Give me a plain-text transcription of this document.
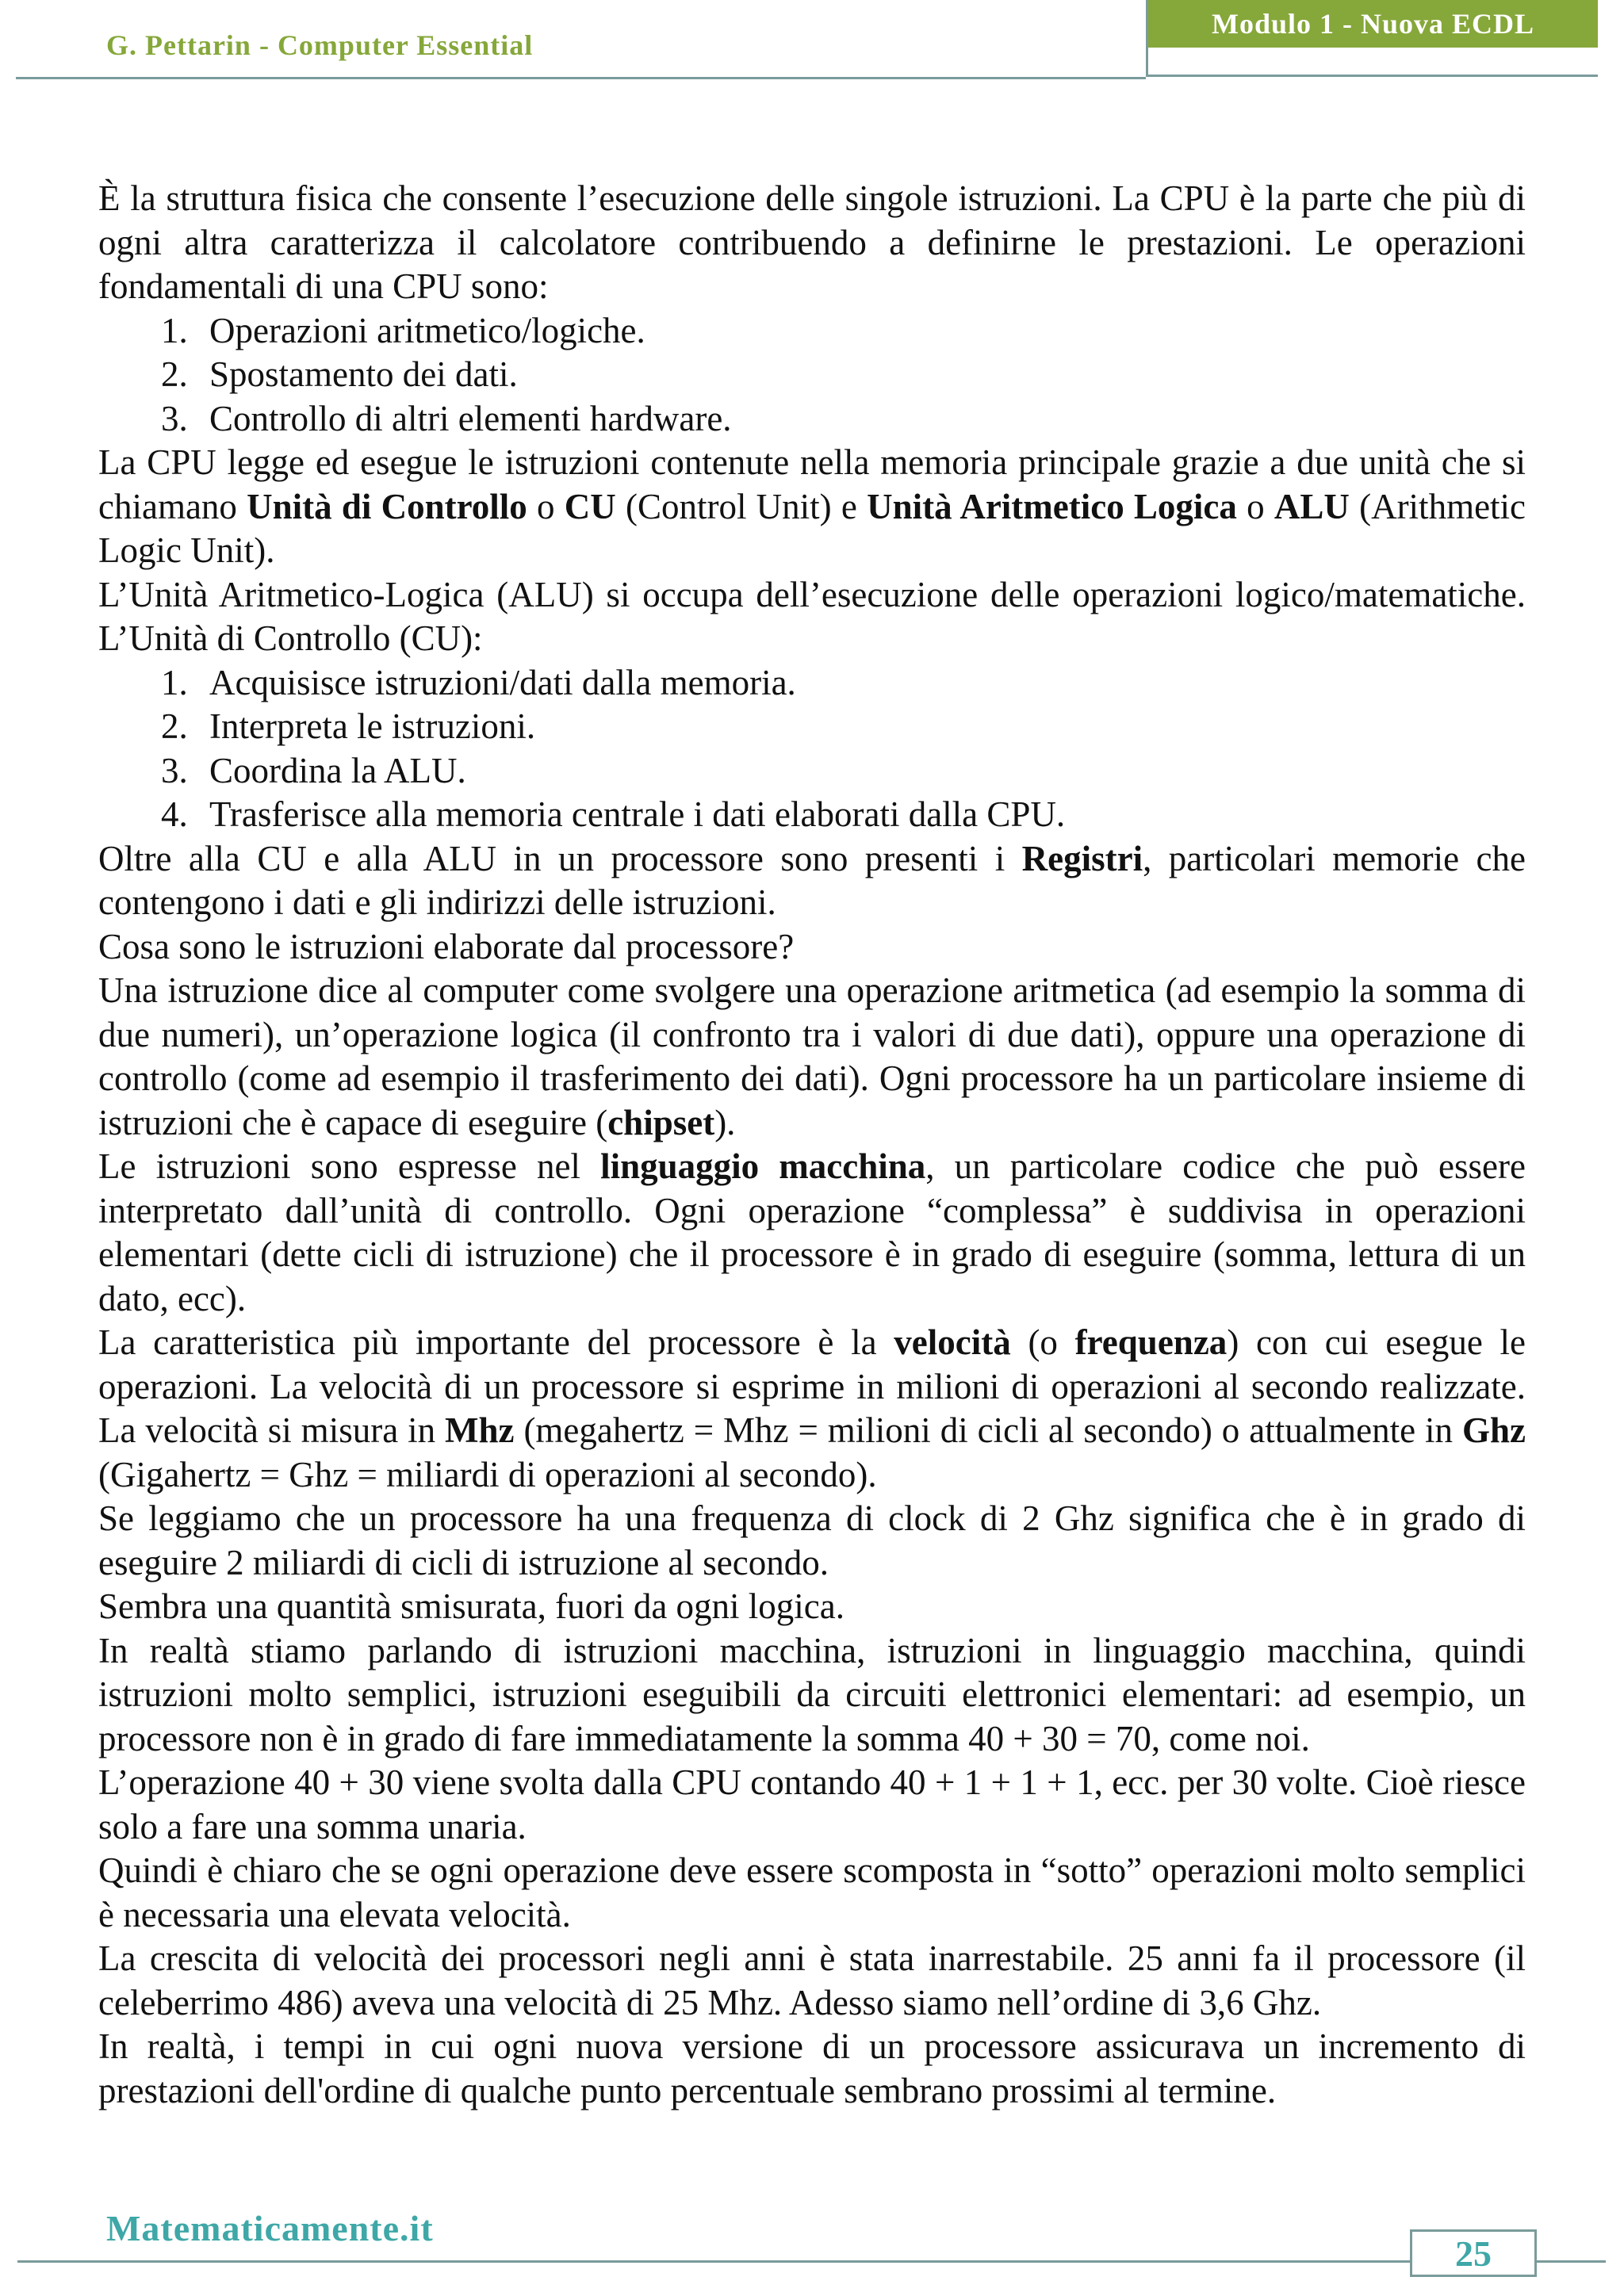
G. Pettarin - Computer Essential
Modulo 1 - Nuova ECDL

È la struttura fisica che consente l’esecuzione delle singole istruzioni. La CPU è la parte che più di ogni altra caratterizza il calcolatore contribuendo a definirne le prestazioni. Le operazioni fondamentali di una CPU sono:

1. Operazioni aritmetico/logiche.
2. Spostamento dei dati.
3. Controllo di altri elementi hardware.

La CPU legge ed esegue le istruzioni contenute nella memoria principale grazie a due unità che si chiamano Unità di Controllo o CU (Control Unit) e Unità Aritmetico Logica o ALU (Arithmetic Logic Unit).

L’Unità Aritmetico-Logica (ALU) si occupa dell’esecuzione delle operazioni logico/matematiche. L’Unità di Controllo (CU):

1. Acquisisce istruzioni/dati dalla memoria.
2. Interpreta le istruzioni.
3. Coordina la ALU.
4. Trasferisce alla memoria centrale i dati elaborati dalla CPU.

Oltre alla CU e alla ALU in un processore sono presenti i Registri, particolari memorie che contengono i dati e gli indirizzi delle istruzioni.

Cosa sono le istruzioni elaborate dal processore?

Una istruzione dice al computer come svolgere una operazione aritmetica (ad esempio la somma di due numeri), un’operazione logica (il confronto tra i valori di due dati), oppure una operazione di controllo (come ad esempio il trasferimento dei dati). Ogni processore ha un particolare insieme di istruzioni che è capace di eseguire (chipset).

Le istruzioni sono espresse nel linguaggio macchina, un particolare codice che può essere interpretato dall’unità di controllo. Ogni operazione “complessa” è suddivisa in operazioni elementari (dette cicli di istruzione) che il processore è in grado di eseguire (somma, lettura di un dato, ecc).

La caratteristica più importante del processore è la velocità (o frequenza) con cui esegue le operazioni. La velocità di un processore si esprime in milioni di operazioni al secondo realizzate. La velocità si misura in Mhz (megahertz = Mhz = milioni di cicli al secondo) o attualmente in Ghz (Gigahertz = Ghz = miliardi di operazioni al secondo).

Se leggiamo che un processore ha una frequenza di clock di 2 Ghz significa che è in grado di eseguire 2 miliardi di cicli di istruzione al secondo.

Sembra una quantità smisurata, fuori da ogni logica.

In realtà stiamo parlando di istruzioni macchina, istruzioni in linguaggio macchina, quindi istruzioni molto semplici, istruzioni eseguibili da circuiti elettronici elementari: ad esempio, un processore non è in grado di fare immediatamente la somma 40 + 30 = 70, come noi.

L’operazione 40 + 30 viene svolta dalla CPU contando 40 + 1 + 1 + 1, ecc. per 30 volte. Cioè riesce solo a fare una somma unaria.

Quindi è chiaro che se ogni operazione deve essere scomposta in “sotto” operazioni molto semplici è necessaria una elevata velocità.

La crescita di velocità dei processori negli anni è stata inarrestabile. 25 anni fa il processore (il celeberrimo 486) aveva una velocità di 25 Mhz. Adesso siamo nell’ordine di 3,6 Ghz.

In realtà, i tempi in cui ogni nuova versione di un processore assicurava un incremento di prestazioni dell'ordine di qualche punto percentuale sembrano prossimi al termine.

Matematicamente.it
25
